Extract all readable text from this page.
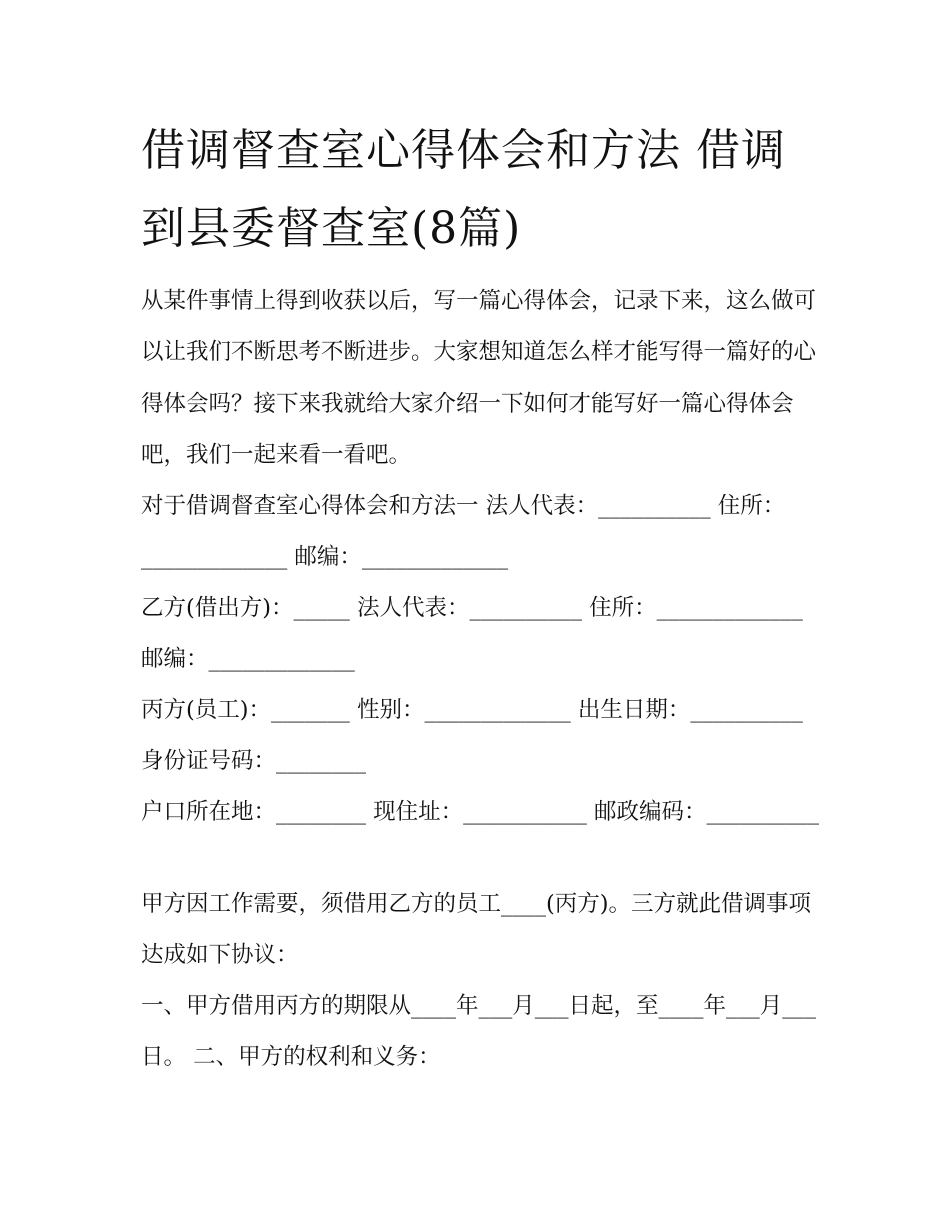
借调督查室心得体会和方法 借调到县委督查室(8篇)

从某件事情上得到收获以后，写一篇心得体会，记录下来，这么做可以让我们不断思考不断进步。大家想知道怎么样才能写得一篇好的心得体会吗？接下来我就给大家介绍一下如何才能写好一篇心得体会吧，我们一起来看一看吧。

对于借调督查室心得体会和方法一 法人代表：__________ 住所：_____________ 邮编：_____________

乙方(借出方)：_____ 法人代表：__________ 住所：_____________ 邮编：_____________

丙方(员工)：_______ 性别：_____________ 出生日期：__________ 身份证号码：________

户口所在地：________ 现住址：___________ 邮政编码：__________

甲方因工作需要，须借用乙方的员工____(丙方)。三方就此借调事项达成如下协议：

一、甲方借用丙方的期限从____年___月___日起，至____年___月___日。 二、甲方的权利和义务：
